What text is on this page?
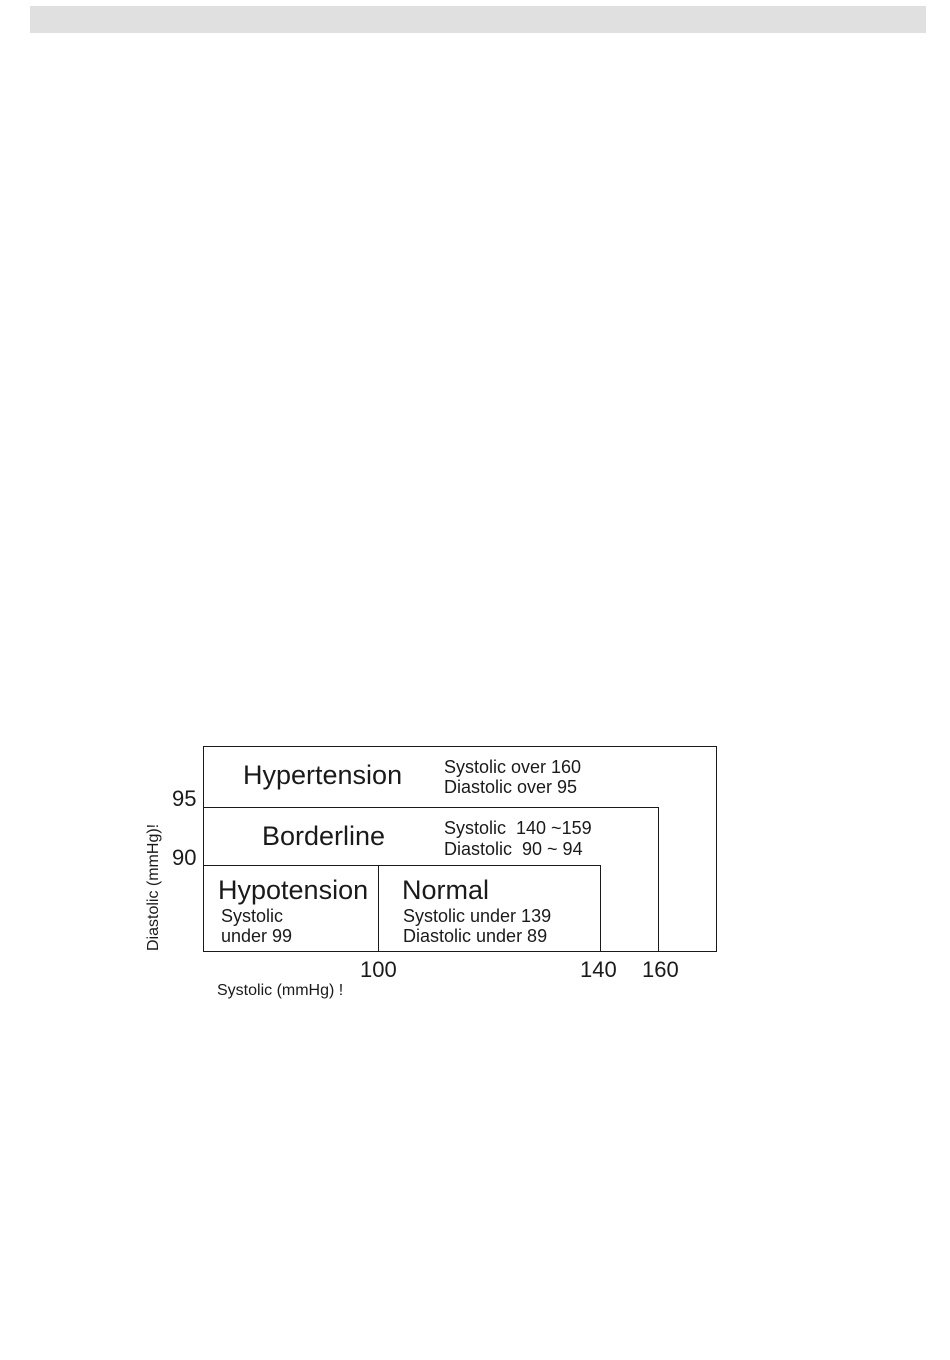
Hypertension Systolic over 160
Diastolic over 95
Borderline	Systolic  140 ~159
Diastolic  90 ~ 94
Hypotension
Systolic
under 99
Normal
Systolic under 139
Diastolic under 89
95
90
100	140 160
Systolic (mmHg) !
Diastolic (mmHg)!
